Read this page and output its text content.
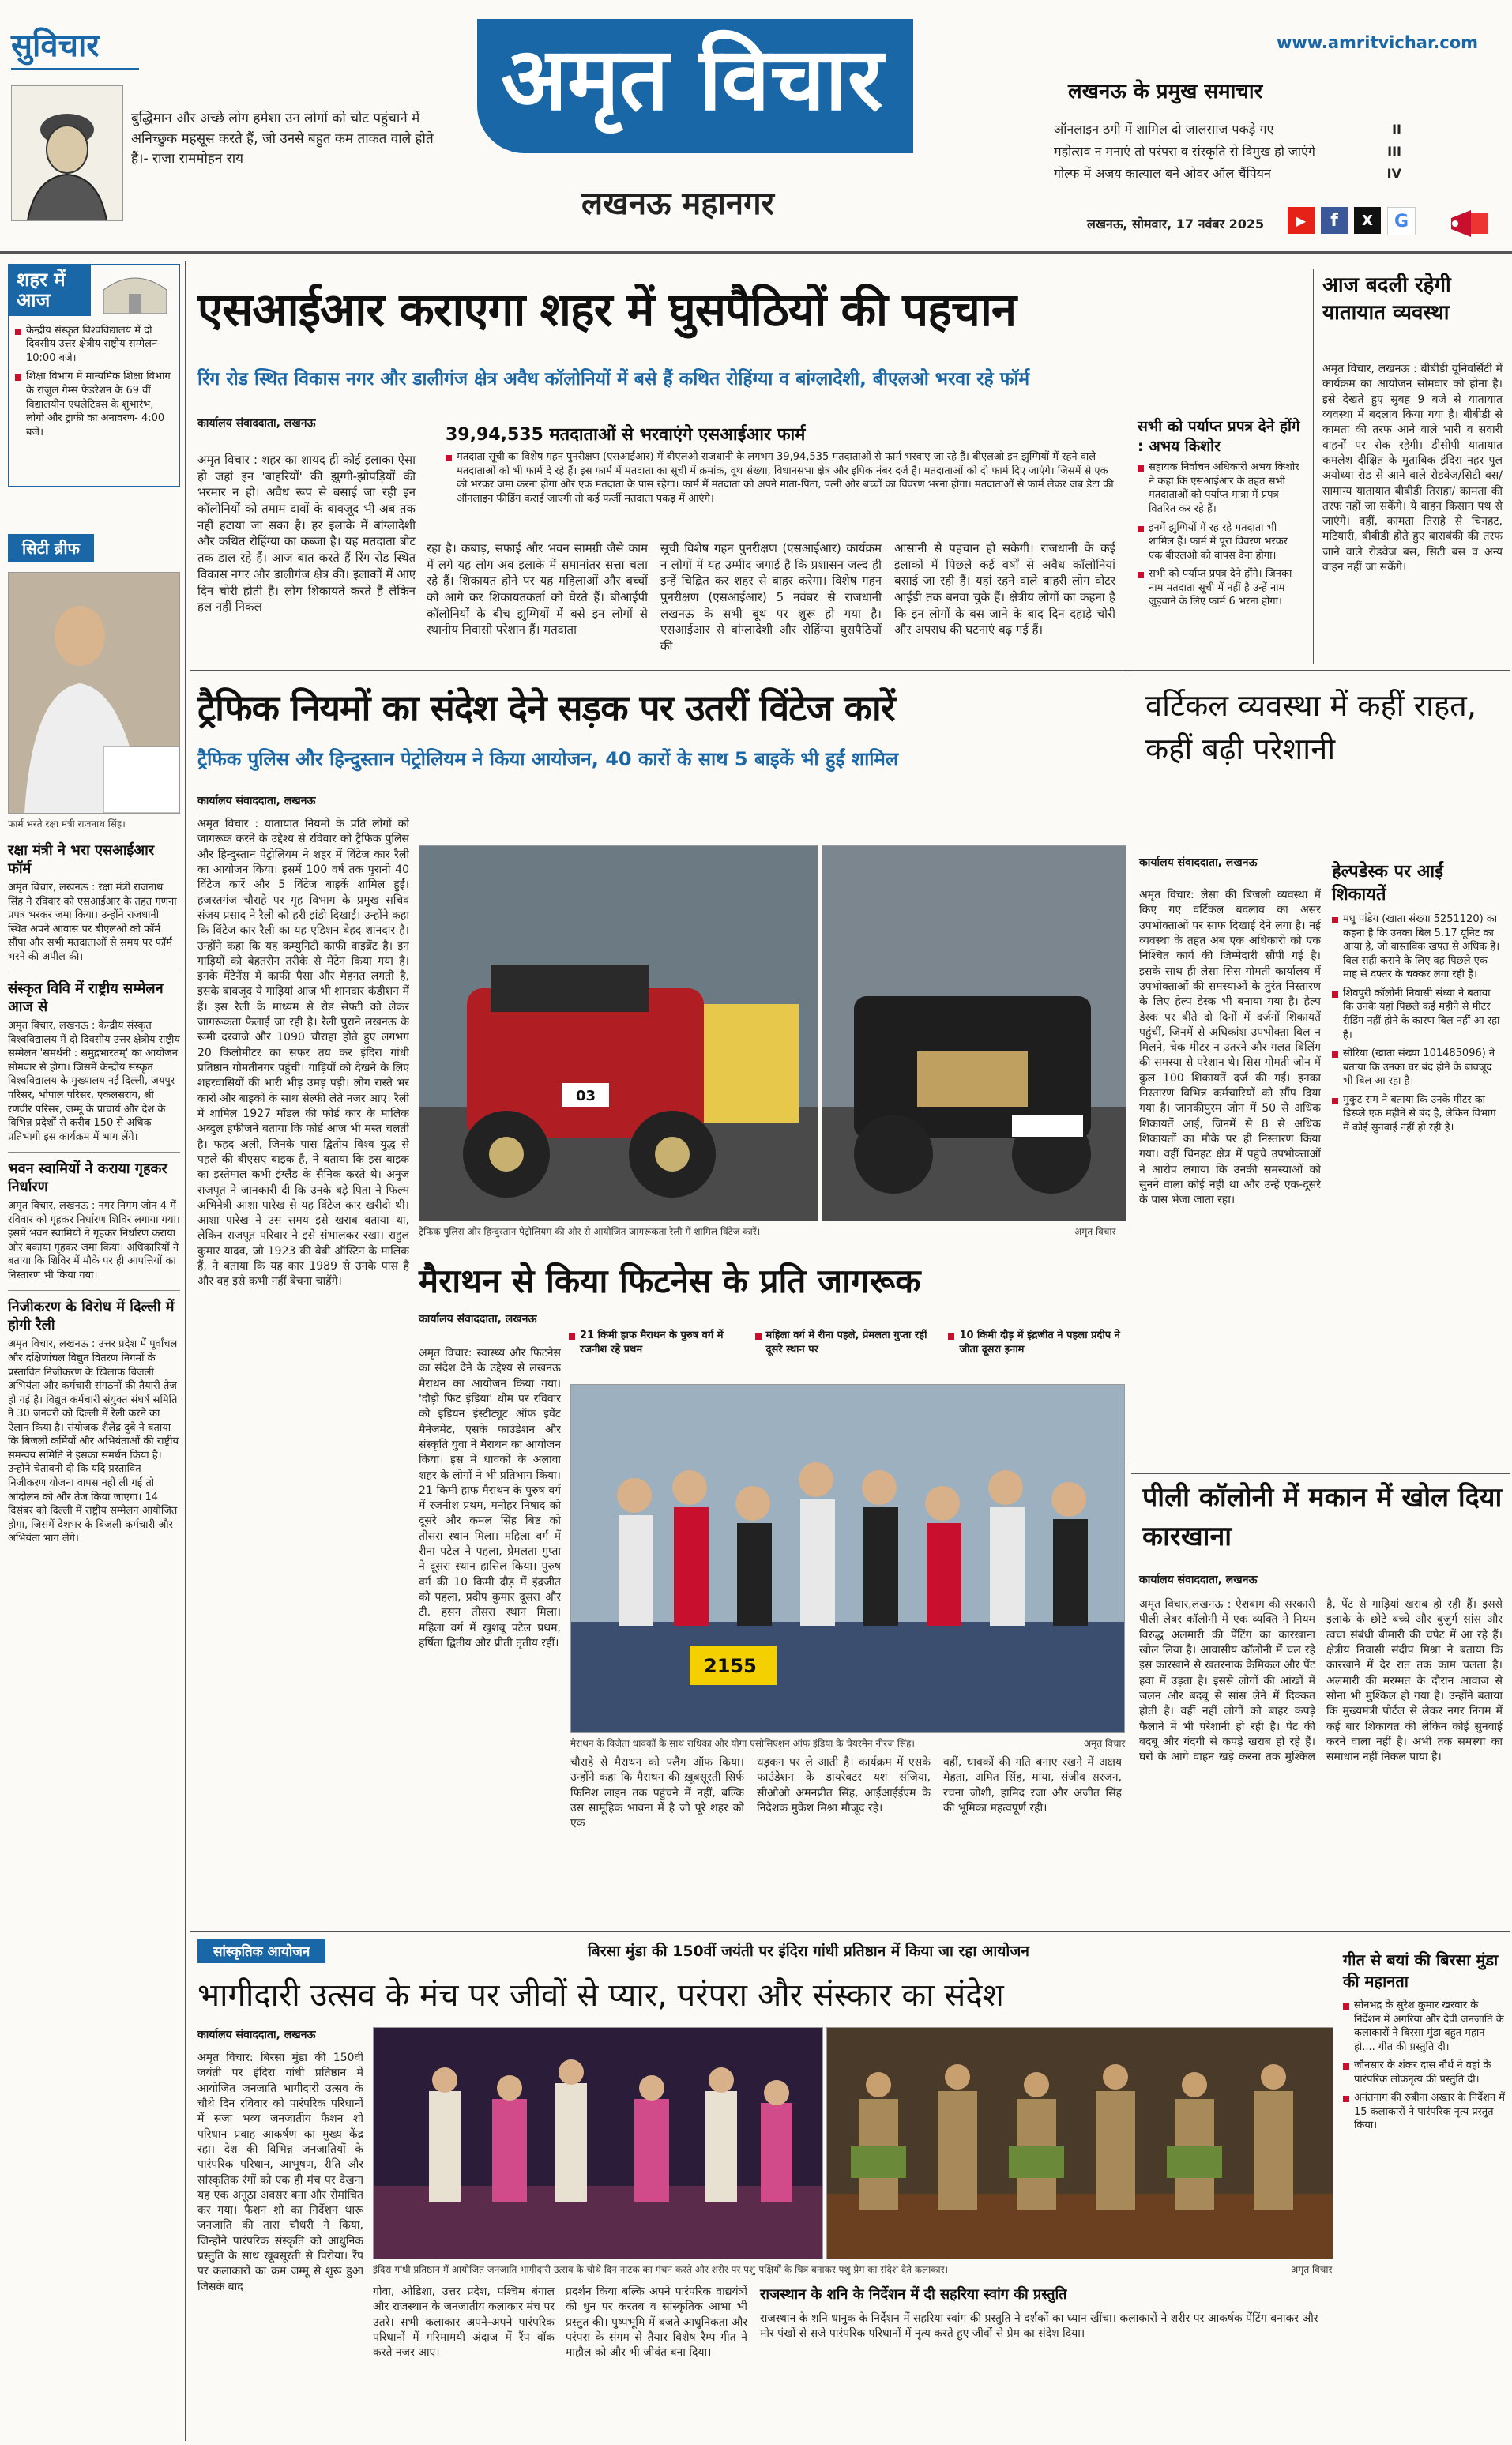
सुविचार
बुद्धिमान और अच्छे लोग हमेशा उन लोगों को चोट पहुंचाने में अनिच्छुक महसूस करते हैं, जो उनसे बहुत कम ताकत वाले होते हैं।- राजा राममोहन राय
अमृत विचार
लखनऊ महानगर
www.amritvichar.com
लखनऊ के प्रमुख समाचार
ऑनलाइन ठगी में शामिल दो जालसाज पकड़े गए	II
महोत्सव न मनाएं तो परंपरा व संस्कृति से विमुख हो जाएंगे	III
गोल्फ में अजय कात्याल बने ओवर ऑल चैंपियन	IV
लखनऊ, सोमवार, 17 नवंबर 2025	▶	f	X	G
शहर में आज
केन्द्रीय संस्कृत विश्वविद्यालय में दो दिवसीय उत्तर क्षेत्रीय राष्ट्रीय सम्मेलन- 10:00 बजे।
शिक्षा विभाग में मान्यमिक शिक्षा विभाग के राजुल गेम्स फेडरेशन के 69 वीं विद्यालयीन एथलेटिक्स के शुभारंभ, लोगो और ट्राफी का अनावरण- 4:00 बजे।
सिटी ब्रीफ
फार्म भरते रक्षा मंत्री राजनाथ सिंह।
रक्षा मंत्री ने भरा एसआईआर फॉर्म
अमृत विचार, लखनऊ : रक्षा मंत्री राजनाथ सिंह ने रविवार को एसआईआर के तहत गणना प्रपत्र भरकर जमा किया। उन्होंने राजधानी स्थित अपने आवास पर बीएलओ को फॉर्म सौंपा और सभी मतदाताओं से समय पर फॉर्म भरने की अपील की।
संस्कृत विवि में राष्ट्रीय सम्मेलन आज से
अमृत विचार, लखनऊ : केन्द्रीय संस्कृत विश्वविद्यालय में दो दिवसीय उत्तर क्षेत्रीय राष्ट्रीय सम्मेलन 'समर्थनी : समुद्रभारतम्' का आयोजन सोमवार से होगा। जिसमें केन्द्रीय संस्कृत विश्वविद्यालय के मुख्यालय नई दिल्ली, जयपुर परिसर, भोपाल परिसर, एकलसराय, श्री रणवीर परिसर, जम्मू के प्राचार्य और देश के विभिन्न प्रदेशों से करीब 150 से अधिक प्रतिभागी इस कार्यक्रम में भाग लेंगे।
भवन स्वामियों ने कराया गृहकर निर्धारण
अमृत विचार, लखनऊ : नगर निगम जोन 4 में रविवार को गृहकर निर्धारण शिविर लगाया गया। इसमें भवन स्वामियों ने गृहकर निर्धारण कराया और बकाया गृहकर जमा किया। अधिकारियों ने बताया कि शिविर में मौके पर ही आपत्तियों का निस्तारण भी किया गया।
निजीकरण के विरोध में दिल्ली में होगी रैली
अमृत विचार, लखनऊ : उत्तर प्रदेश में पूर्वांचल और दक्षिणांचल विद्युत वितरण निगमों के प्रस्तावित निजीकरण के खिलाफ बिजली अभियंता और कर्मचारी संगठनों की तैयारी तेज हो गई है। विद्युत कर्मचारी संयुक्त संघर्ष समिति ने 30 जनवरी को दिल्ली में रैली करने का ऐलान किया है। संयोजक शैलेंद्र दुबे ने बताया कि बिजली कर्मियों और अभियंताओं की राष्ट्रीय समन्वय समिति ने इसका समर्थन किया है। उन्होंने चेतावनी दी कि यदि प्रस्तावित निजीकरण योजना वापस नहीं ली गई तो आंदोलन को और तेज किया जाएगा। 14 दिसंबर को दिल्ली में राष्ट्रीय सम्मेलन आयोजित होगा, जिसमें देशभर के बिजली कर्मचारी और अभियंता भाग लेंगे।
एसआईआर कराएगा शहर में घुसपैठियों की पहचान
रिंग रोड स्थित विकास नगर और डालीगंज क्षेत्र अवैध कॉलोनियों में बसे हैं कथित रोहिंग्या व बांग्लादेशी, बीएलओ भरवा रहे फॉर्म
कार्यालय संवाददाता, लखनऊ
अमृत विचार : शहर का शायद ही कोई इलाका ऐसा हो जहां इन 'बाहरियों' की झुग्गी-झोपड़ियों की भरमार न हो। अवैध रूप से बसाई जा रही इन कॉलोनियों को तमाम दावों के बावजूद भी अब तक नहीं हटाया जा सका है। हर इलाके में बांग्लादेशी और कथित रोहिंग्या का कब्जा है। यह मतदाता बोट तक डाल रहे हैं। आज बात करते हैं रिंग रोड स्थित विकास नगर और डालीगंज क्षेत्र की। इलाकों में आए दिन चोरी होती है। लोग शिकायतें करते हैं लेकिन हल नहीं निकल
39,94,535 मतदाताओं से भरवाएंगे एसआईआर फार्म
मतदाता सूची का विशेष गहन पुनरीक्षण (एसआईआर) में बीएलओ राजधानी के लगभग 39,94,535 मतदाताओं से फार्म भरवाए जा रहे हैं। बीएलओ इन झुग्गियों में रहने वाले मतदाताओं को भी फार्म दे रहे हैं। इस फार्म में मतदाता का सूची में क्रमांक, वूथ संख्या, विधानसभा क्षेत्र और इपिक नंबर दर्ज है। मतदाताओं को दो फार्म दिए जाएंगे। जिसमें से एक को भरकर जमा करना होगा और एक मतदाता के पास रहेगा। फार्म में मतदाता को अपने माता-पिता, पत्नी और बच्चों का विवरण भरना होगा। मतदाताओं से फार्म लेकर जब डेटा की ऑनलाइन फीडिंग कराई जाएगी तो कई फर्जी मतदाता पकड़ में आएंगे।
रहा है। कबाड़, सफाई और भवन सामग्री जैसे काम में लगे यह लोग अब इलाके में समानांतर सत्ता चला रहे हैं। शिकायत होने पर यह महिलाओं और बच्चों को आगे कर शिकायतकर्ता को घेरते हैं। बीआईपी कॉलोनियों के बीच झुग्गियों में बसे इन लोगों से स्थानीय निवासी परेशान हैं। मतदाता
सूची विशेष गहन पुनरीक्षण (एसआईआर) कार्यक्रम न लोगों में यह उम्मीद जगाई है कि प्रशासन जल्द ही इन्हें चिह्नित कर शहर से बाहर करेगा। विशेष गहन पुनरीक्षण (एसआईआर) 5 नवंबर से राजधानी लखनऊ के सभी बूथ पर शुरू हो गया है। एसआईआर से बांग्लादेशी और रोहिंग्या घुसपैठियों की
आसानी से पहचान हो सकेगी। राजधानी के कई इलाकों में पिछले कई वर्षों से अवैध कॉलोनियां बसाई जा रही हैं। यहां रहने वाले बाहरी लोग वोटर आईडी तक बनवा चुके हैं। क्षेत्रीय लोगों का कहना है कि इन लोगों के बस जाने के बाद दिन दहाड़े चोरी और अपराध की घटनाएं बढ़ गई हैं।
सभी को पर्याप्त प्रपत्र देने होंगे : अभय किशोर
सहायक निर्वाचन अधिकारी अभय किशोर ने कहा कि एसआईआर के तहत सभी मतदाताओं को पर्याप्त मात्रा में प्रपत्र वितरित कर रहे हैं।
इनमें झुग्गियों में रह रहे मतदाता भी शामिल हैं। फार्म में पूरा विवरण भरकर एक बीएलओ को वापस देना होगा।
सभी को पर्याप्त प्रपत्र देने होंगे। जिनका नाम मतदाता सूची में नहीं है उन्हें नाम जुड़वाने के लिए फार्म 6 भरना होगा।
आज बदली रहेगी यातायात व्यवस्था
अमृत विचार, लखनऊ : बीबीडी यूनिवर्सिटी में कार्यक्रम का आयोजन सोमवार को होना है। इसे देखते हुए सुबह 9 बजे से यातायात व्यवस्था में बदलाव किया गया है। बीबीडी से कामता की तरफ आने वाले भारी व सवारी वाहनों पर रोक रहेगी। डीसीपी यातायात कमलेश दीक्षित के मुताबिक इंदिरा नहर पुल अयोध्या रोड से आने वाले रोडवेज/सिटी बस/ सामान्य यातायात बीबीडी तिराहा/ कामता की तरफ नहीं जा सकेंगे। ये वाहन किसान पथ से जाएंगे। वहीं, कामता तिराहे से चिनहट, मटियारी, बीबीडी होते हुए बाराबंकी की तरफ जाने वाले रोडवेज बस, सिटी बस व अन्य वाहन नहीं जा सकेंगे।
ट्रैफिक नियमों का संदेश देने सड़क पर उतरीं विंटेज कारें
ट्रैफिक पुलिस और हिन्दुस्तान पेट्रोलियम ने किया आयोजन, 40 कारों के साथ 5 बाइकें भी हुईं शामिल
कार्यालय संवाददाता, लखनऊ
अमृत विचार : यातायात नियमों के प्रति लोगों को जागरूक करने के उद्देश्य से रविवार को ट्रैफिक पुलिस और हिन्दुस्तान पेट्रोलियम ने शहर में विंटेज कार रैली का आयोजन किया। इसमें 100 वर्ष तक पुरानी 40 विंटेज कारें और 5 विंटेज बाइकें शामिल हुईं। हजरतगंज चौराहे पर गृह विभाग के प्रमुख सचिव संजय प्रसाद ने रैली को हरी झंडी दिखाई। उन्होंने कहा कि विंटेज कार रैली का यह एडिशन बेहद शानदार है। उन्होंने कहा कि यह कम्युनिटी काफी वाइब्रेंट है। इन गाड़ियों को बेहतरीन तरीके से मेंटेन किया गया है। इनके मेंटेनेंस में काफी पैसा और मेहनत लगती है, इसके बावजूद ये गाड़ियां आज भी शानदार कंडीशन में हैं। इस रैली के माध्यम से रोड सेफ्टी को लेकर जागरूकता फैलाई जा रही है। रैली पुराने लखनऊ के रूमी दरवाजे और 1090 चौराहा होते हुए लगभग 20 किलोमीटर का सफर तय कर इंदिरा गांधी प्रतिष्ठान गोमतीनगर पहुंची। गाड़ियों को देखने के लिए शहरवासियों की भारी भीड़ उमड़ पड़ी। लोग रास्ते भर कारों और बाइकों के साथ सेल्फी लेते नजर आए। रैली में शामिल 1927 मॉडल की फोर्ड कार के मालिक अब्दुल हफीजने बताया कि फोर्ड आज भी मस्त चलती है। फहद अली, जिनके पास द्वितीय विश्व युद्ध से पहले की बीएसए बाइक है, ने बताया कि इस बाइक का इस्तेमाल कभी इंग्लैंड के सैनिक करते थे। अनुज राजपूत ने जानकारी दी कि उनके बड़े पिता ने फिल्म अभिनेत्री आशा पारेख से यह विंटेज कार खरीदी थी। आशा पारेख ने उस समय इसे खराब बताया था, लेकिन राजपूत परिवार ने इसे संभालकर रखा। राहुल कुमार यादव, जो 1923 की बेबी ऑस्टिन के मालिक हैं, ने बताया कि यह कार 1989 से उनके पास है और वह इसे कभी नहीं बेचना चाहेंगे।
03
ट्रैफिक पुलिस और हिन्दुस्तान पेट्रोलियम की ओर से आयोजित जागरूकता रैली में शामिल विंटेज कारें।	अमृत विचार
वर्टिकल व्यवस्था में कहीं राहत, कहीं बढ़ी परेशानी
कार्यालय संवाददाता, लखनऊ
अमृत विचार: लेसा की बिजली व्यवस्था में किए गए वर्टिकल बदलाव का असर उपभोक्ताओं पर साफ दिखाई देने लगा है। नई व्यवस्था के तहत अब एक अधिकारी को एक निश्चित कार्य की जिम्मेदारी सौंपी गई है। इसके साथ ही लेसा सिस गोमती कार्यालय में उपभोक्ताओं की समस्याओं के तुरंत निस्तारण के लिए हेल्प डेस्क भी बनाया गया है। हेल्प डेस्क पर बीते दो दिनों में दर्जनों शिकायतें पहुंचीं, जिनमें से अधिकांश उपभोक्ता बिल न मिलने, चेक मीटर न उतरने और गलत बिलिंग की समस्या से परेशान थे। सिस गोमती जोन में कुल 100 शिकायतें दर्ज की गईं। इनका निस्तारण विभिन्न कर्मचारियों को सौंप दिया गया है। जानकीपुरम जोन में 50 से अधिक शिकायतें आईं, जिनमें से 8 से अधिक शिकायतों का मौके पर ही निस्तारण किया गया। वहीं चिनहट क्षेत्र में पहुंचे उपभोक्ताओं ने आरोप लगाया कि उनकी समस्याओं को सुनने वाला कोई नहीं था और उन्हें एक-दूसरे के पास भेजा जाता रहा।
हेल्पडेस्क पर आईं शिकायतें
मधु पांडेय (खाता संख्या 5251120) का कहना है कि उनका बिल 5.17 यूनिट का आया है, जो वास्तविक खपत से अधिक है। बिल सही कराने के लिए वह पिछले एक माह से दफ्तर के चक्कर लगा रही हैं।
शिवपुरी कॉलोनी निवासी संध्या ने बताया कि उनके यहां पिछले कई महीने से मीटर रीडिंग नहीं होने के कारण बिल नहीं आ रहा है।
सीरिया (खाता संख्या 101485096) ने बताया कि उनका घर बंद होने के बावजूद भी बिल आ रहा है।
मुकुट राम ने बताया कि उनके मीटर का डिस्प्ले एक महीने से बंद है, लेकिन विभाग में कोई सुनवाई नहीं हो रही है।
मैराथन से किया फिटनेस के प्रति जागरूक
कार्यालय संवाददाता, लखनऊ
21 किमी हाफ मैराथन के पुरुष वर्ग में रजनीश रहे प्रथम
महिला वर्ग में रीना पहले, प्रेमलता गुप्ता रहीं दूसरे स्थान पर
10 किमी दौड़ में इंद्रजीत ने पहला प्रदीप ने जीता दूसरा इनाम
अमृत विचार: स्वास्थ्य और फिटनेस का संदेश देने के उद्देश्य से लखनऊ मैराथन का आयोजन किया गया। 'दौड़ो फिट इंडिया' थीम पर रविवार को इंडियन इंस्टीट्यूट ऑफ इवेंट मैनेजमेंट, एसके फाउंडेशन और संस्कृति युवा ने मैराथन का आयोजन किया। इस में धावकों के अलावा शहर के लोगों ने भी प्रतिभाग किया। 21 किमी हाफ मैराथन के पुरुष वर्ग में रजनीश प्रथम, मनोहर निषाद को दूसरे और कमल सिंह बिष्ट को तीसरा स्थान मिला। महिला वर्ग में रीना पटेल ने पहला, प्रेमलता गुप्ता ने दूसरा स्थान हासिल किया। पुरुष वर्ग की 10 किमी दौड़ में इंद्रजीत को पहला, प्रदीप कुमार दूसरा और टी. हसन तीसरा स्थान मिला। महिला वर्ग में खुशबू पटेल प्रथम, हर्षिता द्वितीय और प्रीती तृतीय रहीं।
2155
मैराथन के विजेता धावकों के साथ राधिका और योगा एसोसिएशन ऑफ इंडिया के चेयरमैन नीरज सिंह।	अमृत विचार
चौराहे से मैराथन को फ्लैग ऑफ किया। उन्होंने कहा कि मैराथन की ख़ूबसूरती सिर्फ फिनिश लाइन तक पहुंचने में नहीं, बल्कि उस सामूहिक भावना में है जो पूरे शहर को एक
धड़कन पर ले आती है। कार्यक्रम में एसके फाउंडेशन के डायरेक्टर यश संजिया, सीओओ अमनप्रीत सिंह, आईआईईएम के निदेशक मुकेश मिश्रा मौजूद रहे।
वहीं, धावकों की गति बनाए रखने में अक्षय मेहता, अमित सिंह, माया, संजीव सरजन, रचना जोशी, हामिद रजा और अजीत सिंह की भूमिका महत्वपूर्ण रही।
पीली कॉलोनी में मकान में खोल दिया कारखाना
कार्यालय संवाददाता, लखनऊ
अमृत विचार,लखनऊ : ऐशबाग की सरकारी पीली लेबर कॉलोनी में एक व्यक्ति ने नियम विरुद्ध अलमारी की पेंटिंग का कारखाना खोल लिया है। आवासीय कॉलोनी में चल रहे इस कारखाने से खतरनाक केमिकल और पेंट हवा में उड़ता है। इससे लोगों की आंखों में जलन और बदबू से सांस लेने में दिक्कत होती है। वहीं नहीं लोगों को बाहर कपड़े फैलाने में भी परेशानी हो रही है। पेंट की बदबू और गंदगी से कपड़े खराब हो रहे हैं। घरों के आगे वाहन खड़े करना तक मुश्किल है, पेंट से गाड़ियां खराब हो रही हैं। इससे इलाके के छोटे बच्चे और बुजुर्ग सांस और त्वचा संबंधी बीमारी की चपेट में आ रहे हैं। क्षेत्रीय निवासी संदीप मिश्रा ने बताया कि कारखाने में देर रात तक काम चलता है। अलमारी की मरम्मत के दौरान आवाज से सोना भी मुश्किल हो गया है। उन्होंने बताया कि मुख्यमंत्री पोर्टल से लेकर नगर निगम में कई बार शिकायत की लेकिन कोई सुनवाई करने वाला नहीं है। अभी तक समस्या का समाधान नहीं निकल पाया है।
सांस्कृतिक आयोजन	बिरसा मुंडा की 150वीं जयंती पर इंदिरा गांधी प्रतिष्ठान में किया जा रहा आयोजन
भागीदारी उत्सव के मंच पर जीवों से प्यार, परंपरा और संस्कार का संदेश
कार्यालय संवाददाता, लखनऊ
अमृत विचार: बिरसा मुंडा की 150वीं जयंती पर इंदिरा गांधी प्रतिष्ठान में आयोजित जनजाति भागीदारी उत्सव के चौथे दिन रविवार को पारंपरिक परिधानों में सजा भव्य जनजातीय फैशन शो परिधान प्रवाह आकर्षण का मुख्य केंद्र रहा। देश की विभिन्न जनजातियों के पारंपरिक परिधान, आभूषण, रीति और सांस्कृतिक रंगों को एक ही मंच पर देखना यह एक अनूठा अवसर बना और रोमांचित कर गया। फैशन शो का निर्देशन थारू जनजाति की तारा चौधरी ने किया, जिन्होंने पारंपरिक संस्कृति को आधुनिक प्रस्तुति के साथ खूबसूरती से पिरोया। रैंप पर कलाकारों का क्रम जम्मू से शुरू हुआ जिसके बाद
इंदिरा गांधी प्रतिष्ठान में आयोजित जनजाति भागीदारी उत्सव के चौथे दिन नाटक का मंचन करते और शरीर पर पशु-पक्षियों के चित्र बनाकर पशु प्रेम का संदेश देते कलाकार।	अमृत विचार
गोवा, ओडिशा, उत्तर प्रदेश, पश्चिम बंगाल और राजस्थान के जनजातीय कलाकार मंच पर उतरे। सभी कलाकार अपने-अपने पारंपरिक परिधानों में गरिमामयी अंदाज में रैंप वॉक करते नजर आए।
प्रदर्शन किया बल्कि अपने पारंपरिक वाद्ययंत्रों की धुन पर करतब व सांस्कृतिक आभा भी प्रस्तुत की। पुष्पभूमि में बजते आधुनिकता और परंपरा के संगम से तैयार विशेष रैम्प गीत ने माहौल को और भी जीवंत बना दिया।
राजस्थान के शनि के निर्देशन में दी सहरिया स्वांग की प्रस्तुति
राजस्थान के शनि धानुक के निर्देशन में सहरिया स्वांग की प्रस्तुति ने दर्शकों का ध्यान खींचा। कलाकारों ने शरीर पर आकर्षक पेंटिंग बनाकर और मोर पंखों से सजे पारंपरिक परिधानों में नृत्य करते हुए जीवों से प्रेम का संदेश दिया।
गीत से बयां की बिरसा मुंडा की महानता
सोनभद्र के सुरेश कुमार खरवार के निर्देशन में अगरिया और देवी जनजाति के कलाकारों ने बिरसा मुंडा बहुत महान हो.... गीत की प्रस्तुति दी।
जौनसार के शंकर दास नौर्थ ने वहां के पारंपरिक लोकनृत्य की प्रस्तुति दी।
अनंतनाग की रुबीना अख्तर के निर्देशन में 15 कलाकारों ने पारंपरिक नृत्य प्रस्तुत किया।
